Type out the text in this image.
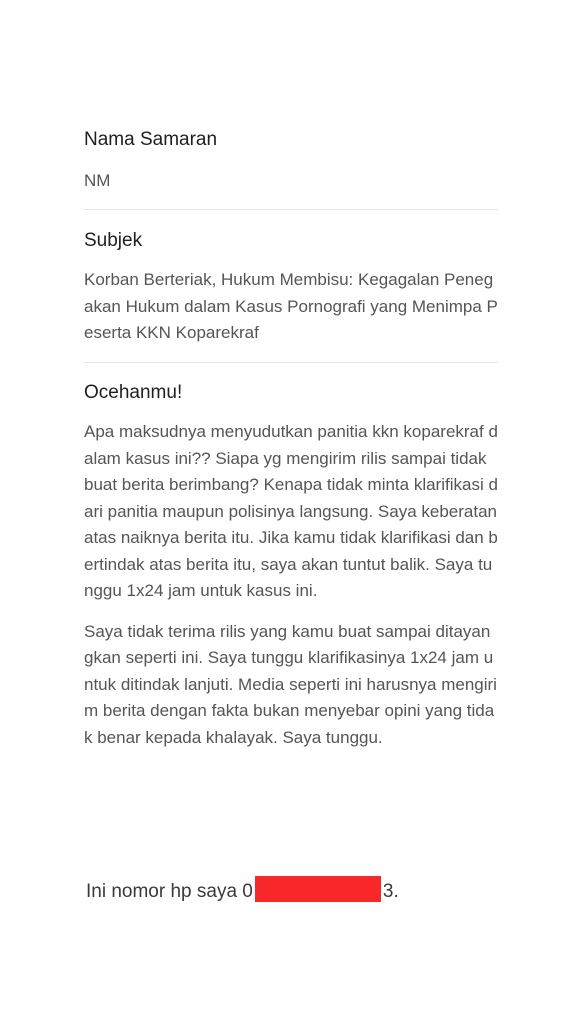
Nama Samaran

NM

Subjek

Korban Berteriak, Hukum Membisu: Kegagalan Penegakan Hukum dalam Kasus Pornografi yang Menimpa Peserta KKN Koparekraf

Ocehanmu!

Apa maksudnya menyudutkan panitia kkn koparekraf dalam kasus ini?? Siapa yg mengirim rilis sampai tidak buat berita berimbang? Kenapa tidak minta klarifikasi dari panitia maupun polisinya langsung. Saya keberatan atas naiknya berita itu. Jika kamu tidak klarifikasi dan bertindak atas berita itu, saya akan tuntut balik. Saya tunggu 1x24 jam untuk kasus ini.

Saya tidak terima rilis yang kamu buat sampai ditayangkan seperti ini. Saya tunggu klarifikasinya 1x24 jam untuk ditindak lanjuti. Media seperti ini harusnya mengirim berita dengan fakta bukan menyebar opini yang tidak benar kepada khalayak. Saya tunggu.

Ini nomor hp saya 0	3.
